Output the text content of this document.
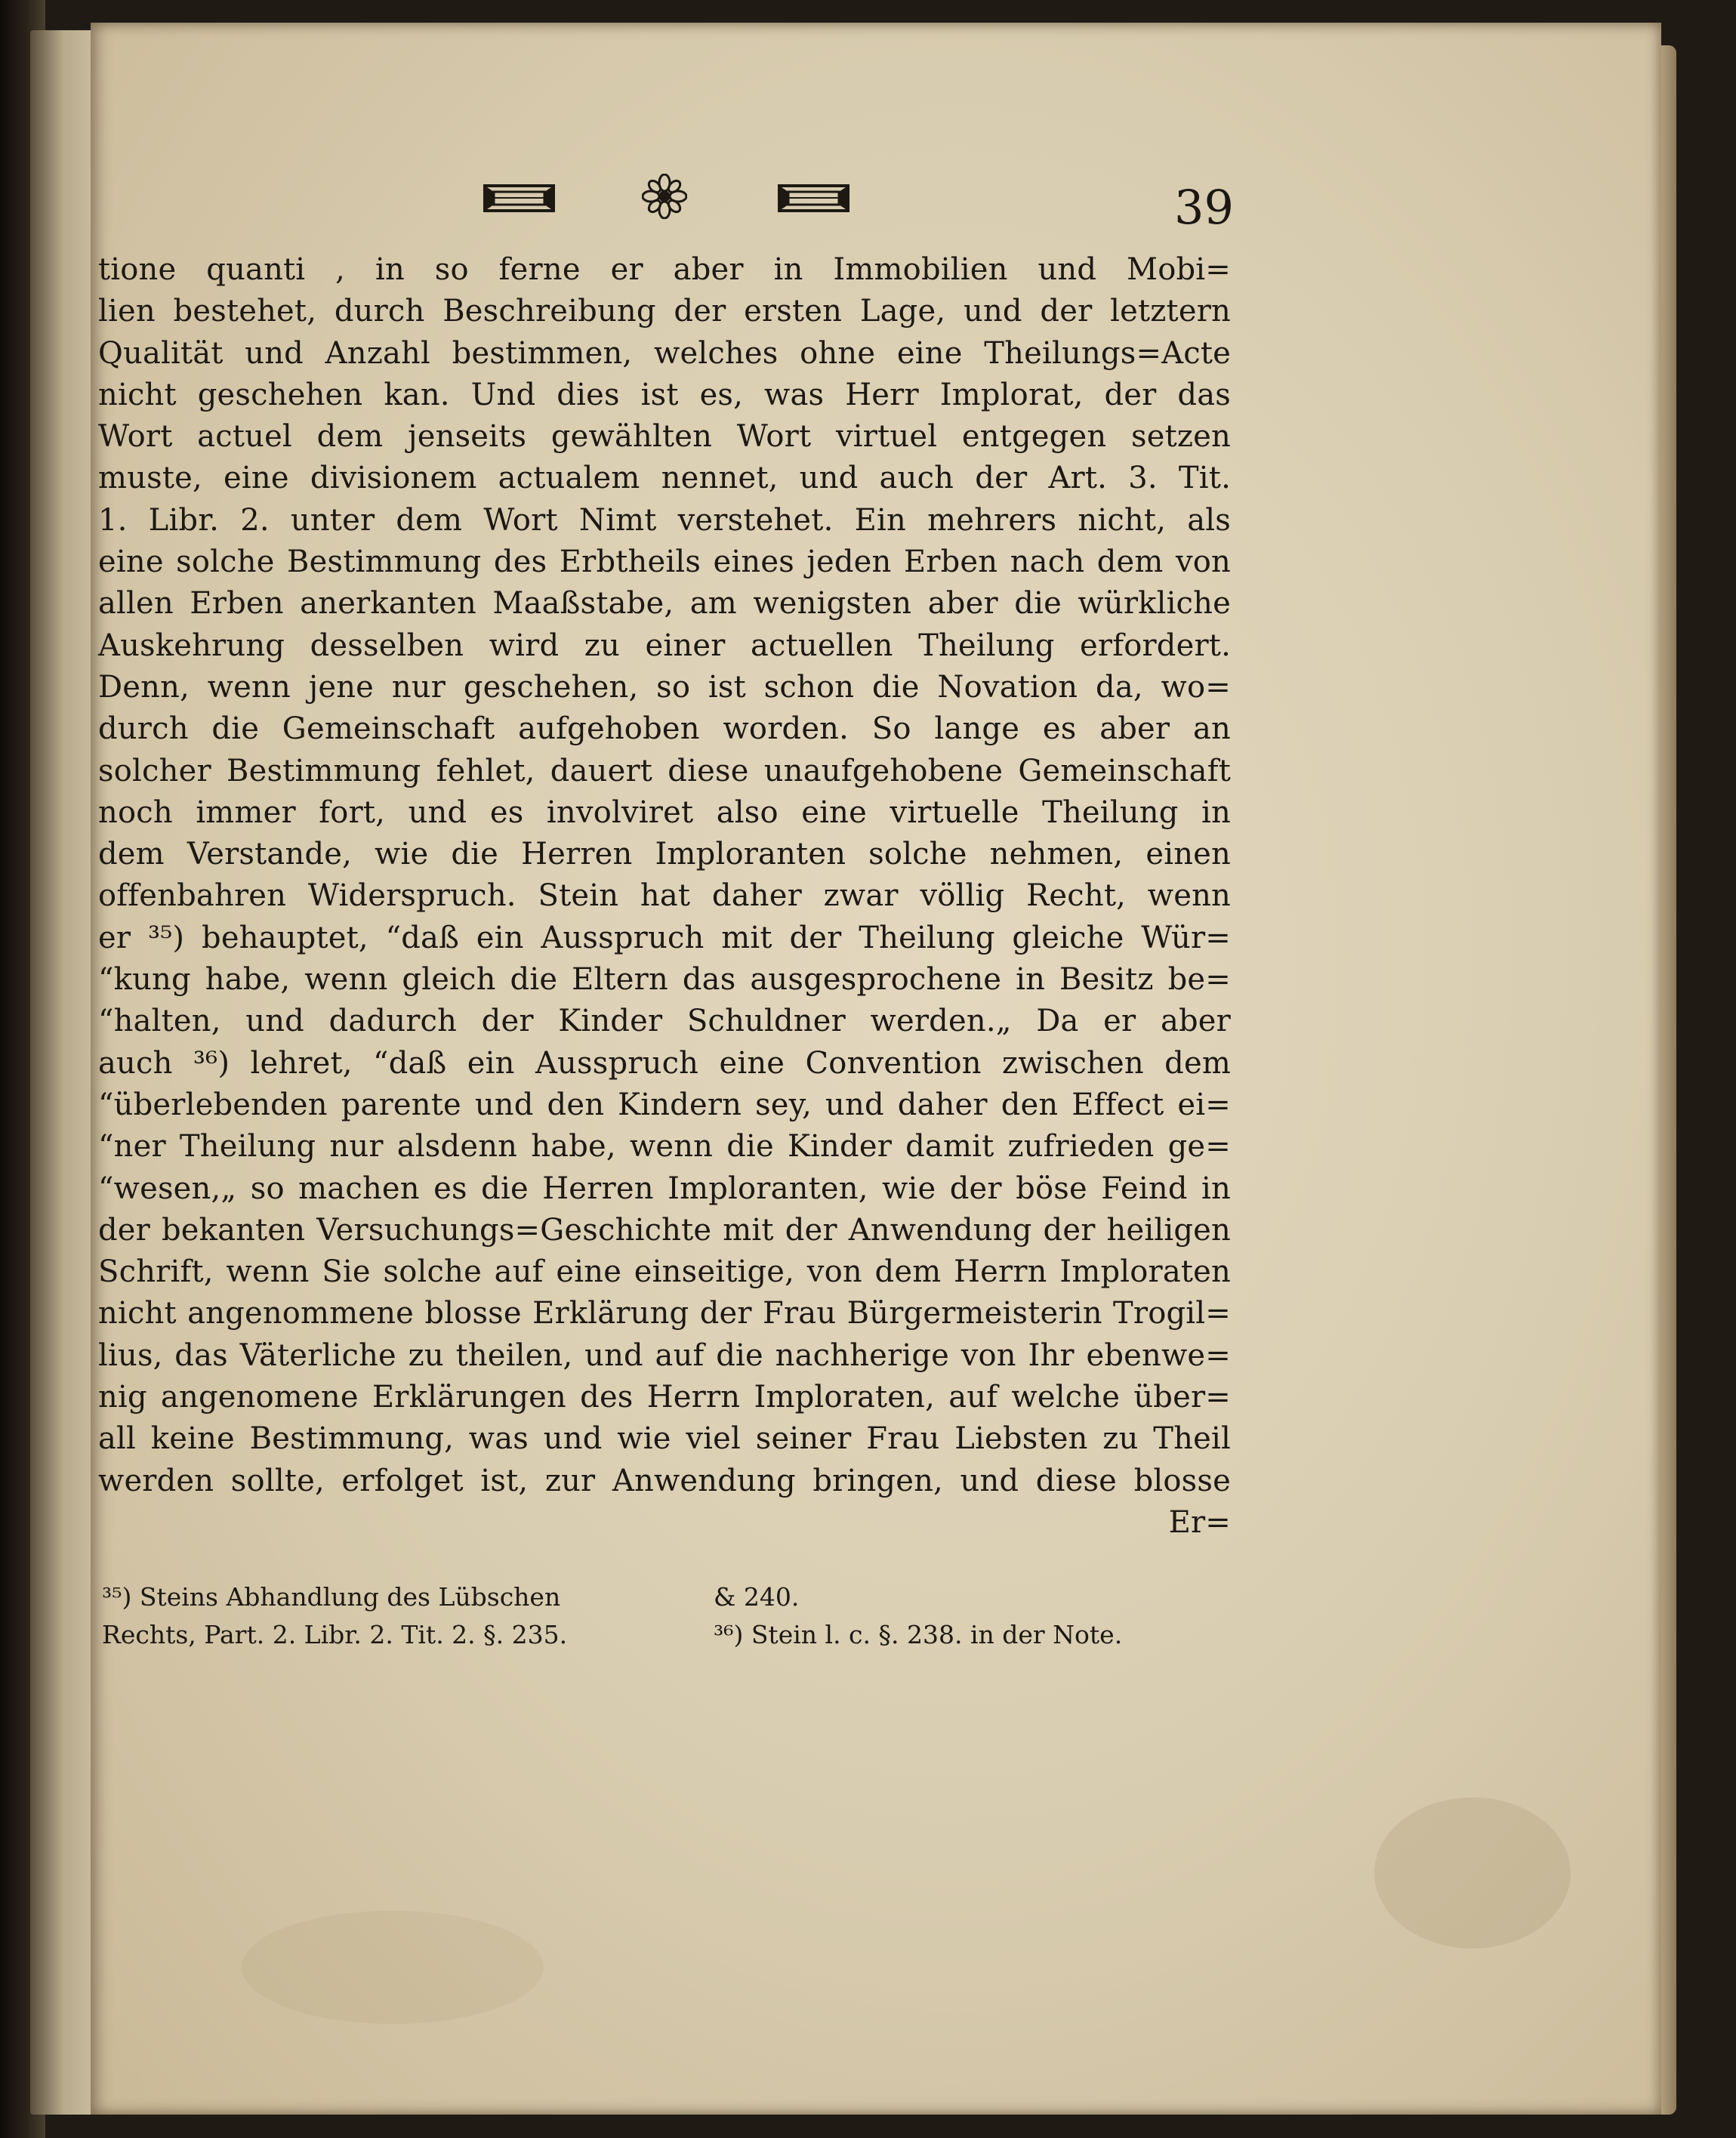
39
tione quanti , in so ferne er aber in Immobilien und Mobi=
lien bestehet, durch Beschreibung der ersten Lage, und der letztern
Qualität und Anzahl bestimmen, welches ohne eine Theilungs=Acte
nicht geschehen kan. Und dies ist es, was Herr Implorat, der das
Wort actuel dem jenseits gewählten Wort virtuel entgegen setzen
muste, eine divisionem actualem nennet, und auch der Art. 3. Tit.
1. Libr. 2. unter dem Wort Nimt verstehet. Ein mehrers nicht, als
eine solche Bestimmung des Erbtheils eines jeden Erben nach dem von
allen Erben anerkanten Maaßstabe, am wenigsten aber die würkliche
Auskehrung desselben wird zu einer actuellen Theilung erfordert.
Denn, wenn jene nur geschehen, so ist schon die Novation da, wo=
durch die Gemeinschaft aufgehoben worden. So lange es aber an
solcher Bestimmung fehlet, dauert diese unaufgehobene Gemeinschaft
noch immer fort, und es involviret also eine virtuelle Theilung in
dem Verstande, wie die Herren Imploranten solche nehmen, einen
offenbahren Widerspruch. Stein hat daher zwar völlig Recht, wenn
er ³⁵) behauptet, “daß ein Ausspruch mit der Theilung gleiche Wür=
“kung habe, wenn gleich die Eltern das ausgesprochene in Besitz be=
“halten, und dadurch der Kinder Schuldner werden.„ Da er aber
auch ³⁶) lehret, “daß ein Ausspruch eine Convention zwischen dem
“überlebenden parente und den Kindern sey, und daher den Effect ei=
“ner Theilung nur alsdenn habe, wenn die Kinder damit zufrieden ge=
“wesen,„ so machen es die Herren Imploranten, wie der böse Feind in
der bekanten Versuchungs=Geschichte mit der Anwendung der heiligen
Schrift, wenn Sie solche auf eine einseitige, von dem Herrn Imploraten
nicht angenommene blosse Erklärung der Frau Bürgermeisterin Trogil=
lius, das Väterliche zu theilen, und auf die nachherige von Ihr ebenwe=
nig angenomene Erklärungen des Herrn Imploraten, auf welche über=
all keine Bestimmung, was und wie viel seiner Frau Liebsten zu Theil
werden sollte, erfolget ist, zur Anwendung bringen, und diese blosse
Er=
³⁵) Steins Abhandlung des Lübschen	& 240.
Rechts, Part. 2. Libr. 2. Tit. 2. §. 235.	³⁶) Stein l. c. §. 238. in der Note.
